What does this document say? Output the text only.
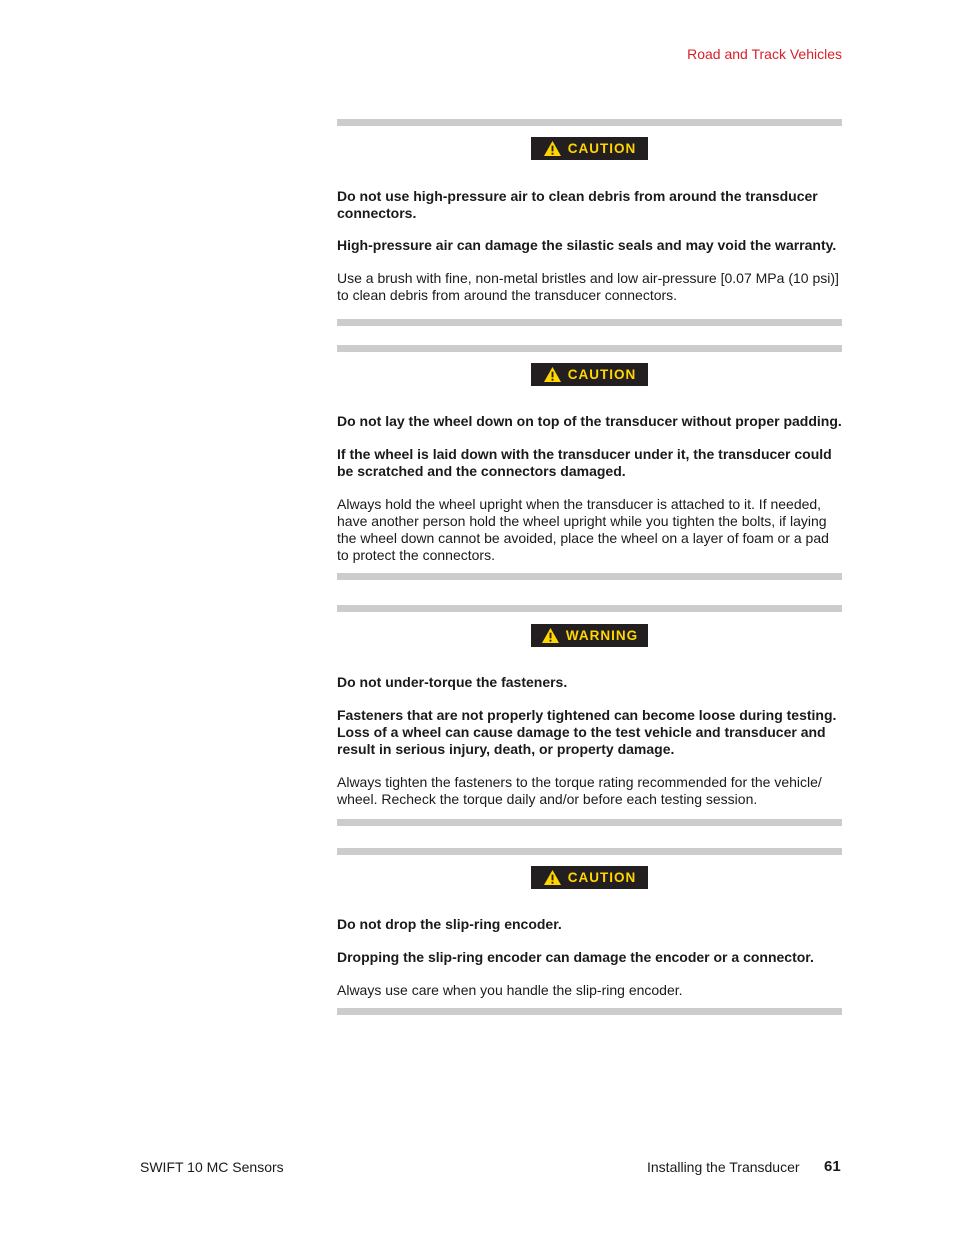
Road and Track Vehicles
CAUTION

Do not use high-pressure air to clean debris from around the transducer connectors.

High-pressure air can damage the silastic seals and may void the warranty.

Use a brush with fine, non-metal bristles and low air-pressure [0.07 MPa (10 psi)] to clean debris from around the transducer connectors.

CAUTION

Do not lay the wheel down on top of the transducer without proper padding.

If the wheel is laid down with the transducer under it, the transducer could be scratched and the connectors damaged.

Always hold the wheel upright when the transducer is attached to it. If needed, have another person hold the wheel upright while you tighten the bolts, if laying the wheel down cannot be avoided, place the wheel on a layer of foam or a pad to protect the connectors.

WARNING

Do not under-torque the fasteners.

Fasteners that are not properly tightened can become loose during testing. Loss of a wheel can cause damage to the test vehicle and transducer and result in serious injury, death, or property damage.

Always tighten the fasteners to the torque rating recommended for the vehicle/ wheel. Recheck the torque daily and/or before each testing session.

CAUTION

Do not drop the slip-ring encoder.

Dropping the slip-ring encoder can damage the encoder or a connector.

Always use care when you handle the slip-ring encoder.

SWIFT 10 MC Sensors	Installing the Transducer 61
